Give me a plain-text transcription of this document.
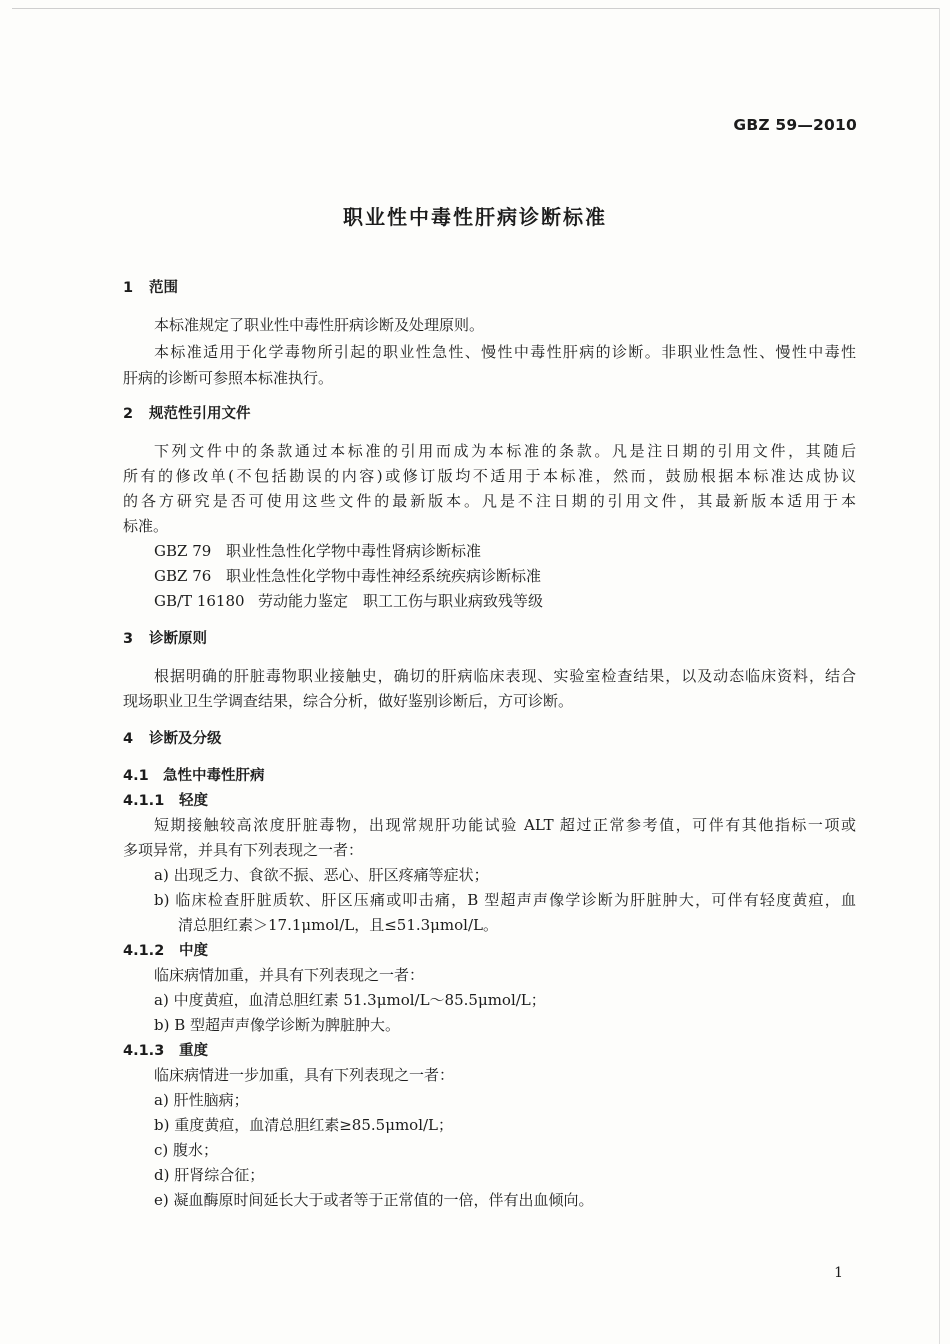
GBZ 59—2010
职业性中毒性肝病诊断标准
1 范围
本标准规定了职业性中毒性肝病诊断及处理原则。
本标准适用于化学毒物所引起的职业性急性、慢性中毒性肝病的诊断。非职业性急性、慢性中毒性
肝病的诊断可参照本标准执行。
2 规范性引用文件
下列文件中的条款通过本标准的引用而成为本标准的条款。凡是注日期的引用文件，其随后
所有的修改单(不包括勘误的内容)或修订版均不适用于本标准，然而，鼓励根据本标准达成协议
的各方研究是否可使用这些文件的最新版本。凡是不注日期的引用文件，其最新版本适用于本
标准。
GBZ 79 职业性急性化学物中毒性肾病诊断标准
GBZ 76 职业性急性化学物中毒性神经系统疾病诊断标准
GB/T 16180 劳动能力鉴定　职工工伤与职业病致残等级
3 诊断原则
根据明确的肝脏毒物职业接触史，确切的肝病临床表现、实验室检查结果，以及动态临床资料，结合
现场职业卫生学调查结果，综合分析，做好鉴别诊断后，方可诊断。
4 诊断及分级
4.1 急性中毒性肝病
4.1.1 轻度
短期接触较高浓度肝脏毒物，出现常规肝功能试验 ALT 超过正常参考值，可伴有其他指标一项或
多项异常，并具有下列表现之一者：
a) 出现乏力、食欲不振、恶心、肝区疼痛等症状；
b) 临床检查肝脏质软、肝区压痛或叩击痛，B 型超声声像学诊断为肝脏肿大，可伴有轻度黄疸，血
清总胆红素＞17.1μmol/L，且≤51.3μmol/L。
4.1.2 中度
临床病情加重，并具有下列表现之一者：
a) 中度黄疸，血清总胆红素 51.3μmol/L～85.5μmol/L；
b) B 型超声声像学诊断为脾脏肿大。
4.1.3 重度
临床病情进一步加重，具有下列表现之一者：
a) 肝性脑病；
b) 重度黄疸，血清总胆红素≥85.5μmol/L；
c) 腹水；
d) 肝肾综合征；
e) 凝血酶原时间延长大于或者等于正常值的一倍，伴有出血倾向。
1
